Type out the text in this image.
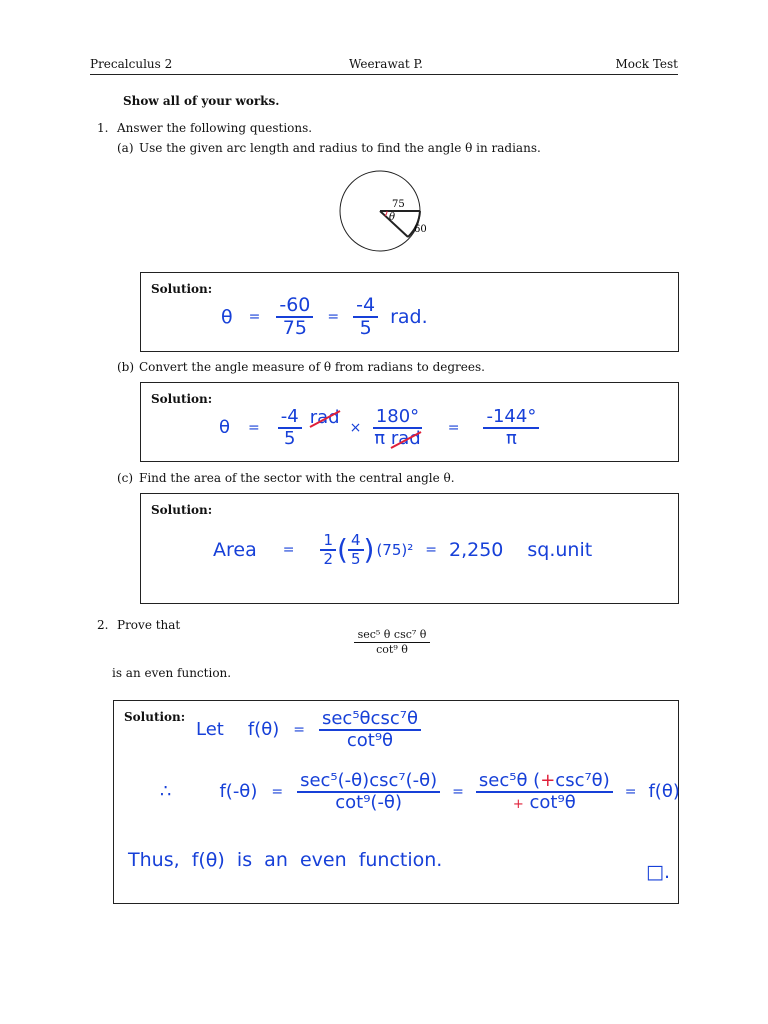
Precalculus 2	Weerawat P.	Mock Test
Show all of your works.
1. Answer the following questions.
(a) Use the given arc length and radius to find the angle θ in radians.
75
θ
60
Solution:
$\theta = \frac{-60}{75} = \frac{-4}{5}$ rad.
(b) Convert the angle measure of θ from radians to degrees.
Solution:
$\theta = \frac{-4}{5}$ rad × $\frac{180^\circ}{\text{π rad}} = \frac{-144^\circ}{\pi}$
(c) Find the area of the sector with the central angle θ.
Solution:
Area = $\frac{1}{2}$ ( $\frac{4}{5}$ ) (75)² = 2,250 sq.unit
2. Prove that
$\frac{\text{sec⁵ θ csc⁷ θ}}{\text{cot⁹ θ}}$
is an even function.
Solution:
Let $f(\theta) = \frac{\text{sec⁵θcsc⁷θ}}{\text{cot⁹θ}}$
∴	$f(-\theta) = \frac{\text{sec⁵(-θ)csc⁷(-θ)}}{\text{cot⁹(-θ)}} = \frac{\text{sec⁵θ (+csc⁷θ)}}{\text{+ cot⁹θ}} = f(\theta)$
Thus,  f(θ)  is  an  even  function.
□.
